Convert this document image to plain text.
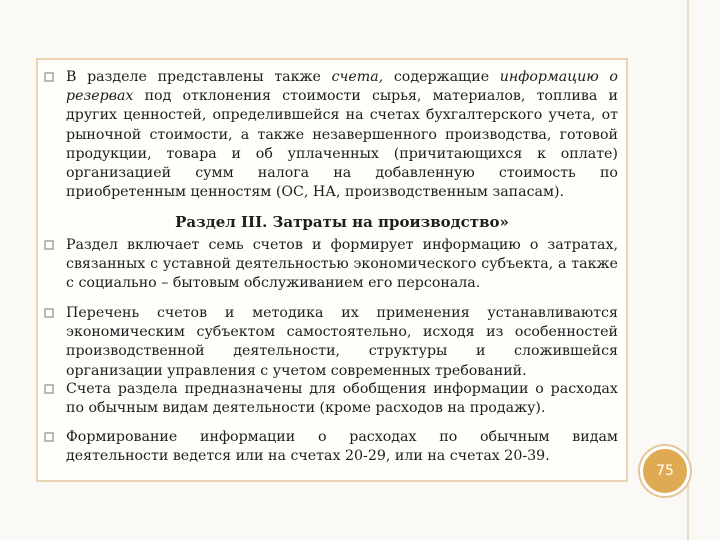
В разделе представлены также счета, содержащие информацию о
резервах под отклонения стоимости сырья, материалов, топлива и
других ценностей, определившейся на счетах бухгалтерского учета, от
рыночной стоимости, а также незавершенного производства, готовой
продукции, товара и об уплаченных (причитающихся к оплате)
организацией сумм налога на добавленную стоимость по
приобретенным ценностям (ОС, НА, производственным запасам).
Раздел III. Затраты на производство»
Раздел включает семь счетов и формирует информацию о затратах,
связанных с уставной деятельностью экономического субъекта, а также
с социально – бытовым обслуживанием его персонала.
Перечень счетов и методика их применения устанавливаются
экономическим субъектом самостоятельно, исходя из особенностей
производственной деятельности, структуры и сложившейся
организации управления с учетом современных требований.
Счета раздела предназначены для обобщения информации о расходах
по обычным видам деятельности (кроме расходов на продажу).
Формирование информации о расходах по обычным видам
деятельности ведется или на счетах 20-29, или на счетах 20-39.
75
